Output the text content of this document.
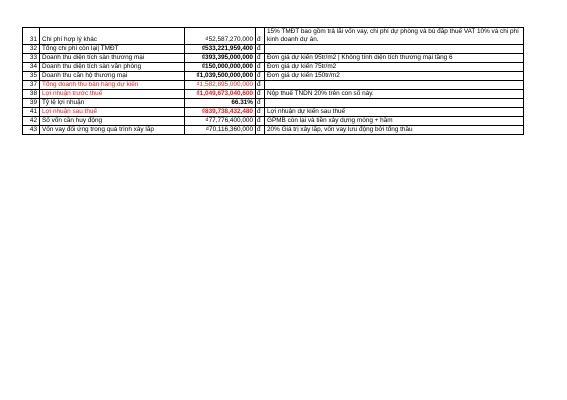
31	Chi phí hợp lý khác	₫52,587,270,000	đ	15% TMĐT bao gồm trả lãi vốn vay, chi phí dự phòng và bù đắp thuế VAT 10% và chi phí kinh doanh dự án.
32	Tổng chi phí còn lại| TMĐT	₫533,221,959,400	đ	
33	Doanh thu diện tích sàn thương mại	₫393,395,000,000	đ	Đơn giá dự kiến 95tr/m2 | Không tính diện tích thương mại tầng 6
34	Doanh thu diện tích sàn văn phòng	₫150,000,000,000	đ	Đơn giá dự kiến 75tr/m2
35	Doanh thu căn hộ thương mại	₫1,039,500,000,000	đ	Đơn giá dự kiến 150tr/m2
37	Tổng doanh thu bán hàng dự kiến	₫1,582,895,000,000	đ	
38	Lợi nhuận trước thuế	₫1,049,673,040,600	đ	Nộp thuế TNDN 20% trên con số này.
39	Tỷ lệ lợi nhuận	66.31%	đ	
41	Lợi nhuận sau thuế	₫839,738,432,480	đ	Lợi nhuận dự kiến sau thuế
42	Số vốn cần huy động	₫77,776,400,000	đ	GPMB còn lại và tiền xây dựng móng + hầm
43	Vốn vay đối ứng trong quá trình xây lắp	₫70,116,360,000	đ	20% Giá trị xây lắp, vốn vay lưu động bởi tổng thầu
